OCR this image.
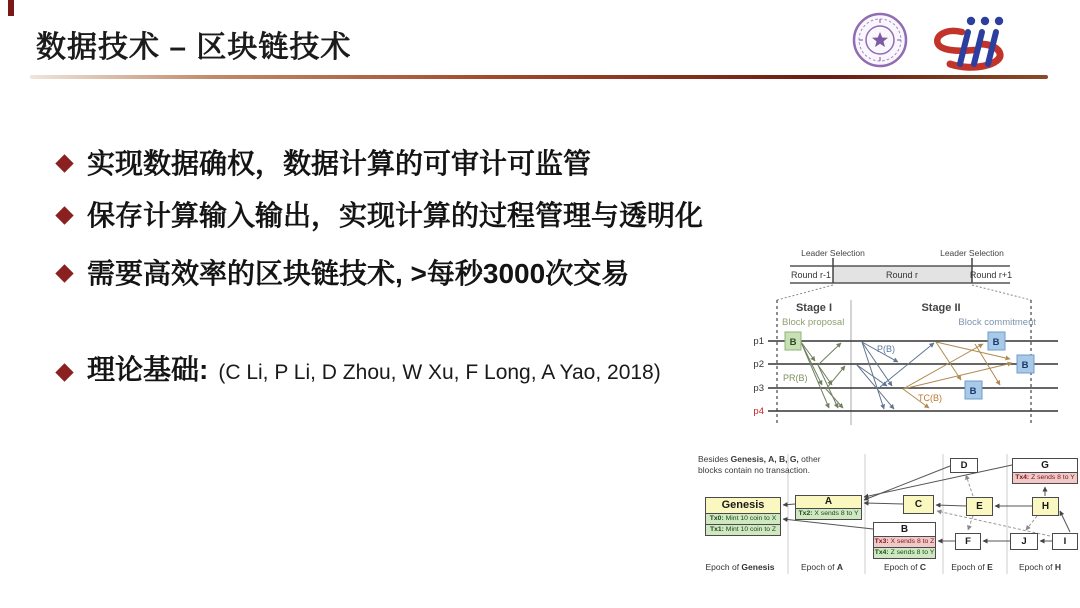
数据技术 – 区块链技术
实现数据确权，数据计算的可审计可监管
保存计算输入输出，实现计算的过程管理与透明化
需要高效率的区块链技术, >每秒3000次交易
理论基础: (C Li, P Li, D Zhou, W Xu, F Long, A Yao, 2018)
Leader Selection	Leader Selection
Round r-1	Round r	Round r+1
Stage I	Stage II
Block proposal	Block commitment
p1
p2
p3
p4
B	B
B
B
PR(B)
P(B)
TC(B)
Besides Genesis, A, B, G, other
blocks contain no transaction.
Genesis
Tx0: Mint 10 coin to X
Tx1: Mint 10 coin to Z
A
Tx2: X sends 8 to Y
B
Tx3: X sends 8 to Z
Tx4: Z sends 8 to Y
C
D
E
F
G
Tx4: Z sends 8 to Y
H
J	I
Epoch of Genesis	Epoch of A	Epoch of C	Epoch of E	Epoch of H
